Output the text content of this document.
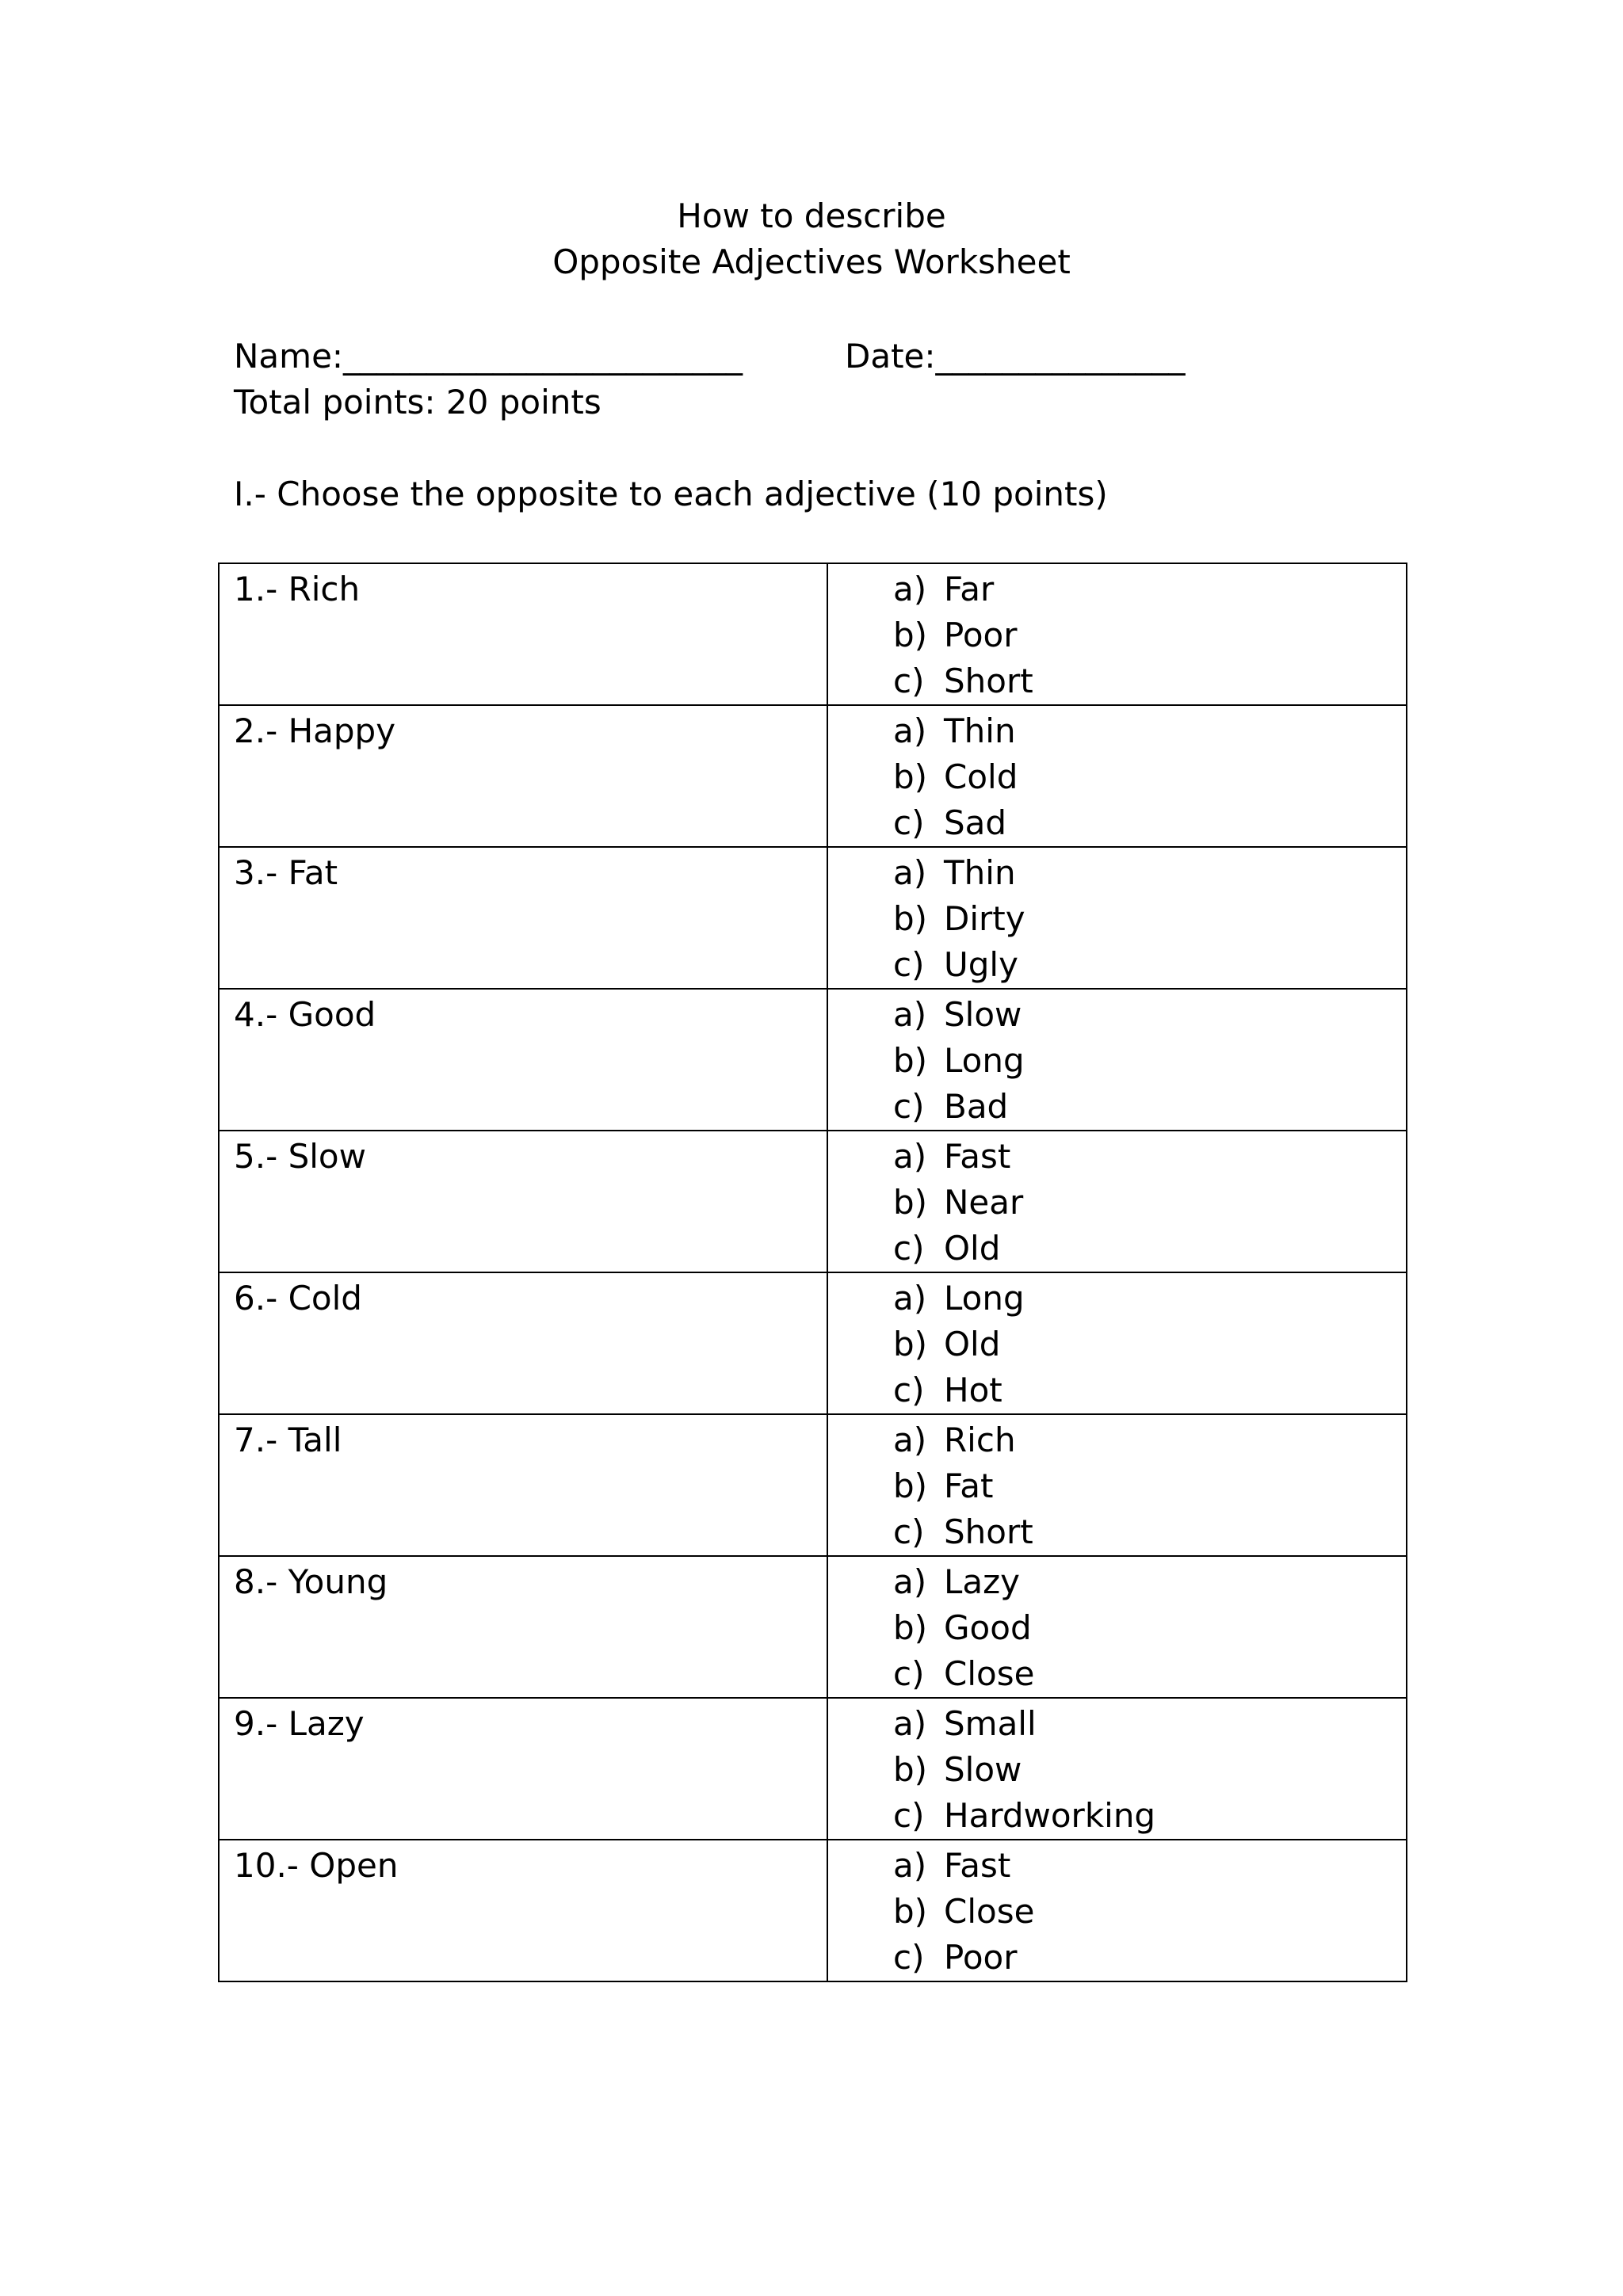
How to describe
Opposite Adjectives Worksheet
Name:________________________	Date:_______________
Total points: 20 points
I.- Choose the opposite to each adjective (10 points)
1.- Rich	a) Far
b) Poor
c) Short

2.- Happy	a) Thin
b) Cold
c) Sad

3.- Fat	a) Thin
b) Dirty
c) Ugly

4.- Good	a) Slow
b) Long
c) Bad

5.- Slow	a) Fast
b) Near
c) Old

6.- Cold	a) Long
b) Old
c) Hot

7.- Tall	a) Rich
b) Fat
c) Short

8.- Young	a) Lazy
b) Good
c) Close

9.- Lazy	a) Small
b) Slow
c) Hardworking

10.- Open	a) Fast
b) Close
c) Poor
